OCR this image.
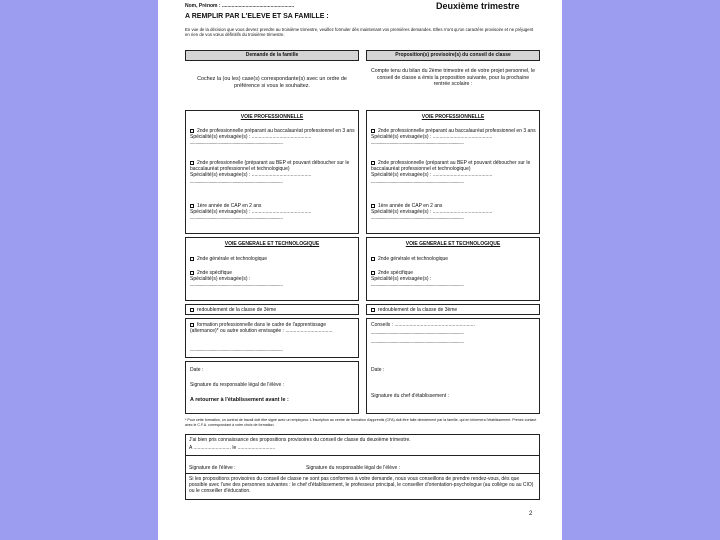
Nom, Prénom : ....................................................	Deuxième trimestre
A REMPLIR PAR L'ELEVE ET SA FAMILLE :
En vue de la décision que vous devrez prendre au troisième trimestre, veuillez formuler dès maintenant vos premières demandes. Elles n'ont qu'un caractère provisoire et ne préjugent en rien de vos vœux définitifs du troisième trimestre.
Demande de la famille	Proposition(s) provisoire(s) du conseil de classe
Cochez la (ou les) case(s) correspondante(s) avec un ordre de préférence si vous le souhaitez.
Compte tenu du bilan du 2ème trimestre et de votre projet personnel, le conseil de classe a émis la proposition suivante, pour la prochaine rentrée scolaire :
VOIE PROFESSIONNELLE
2nde professionnelle préparant au baccalauréat professionnel en 3 ans
Spécialité(s) envisagée(s) : ...........................................
.....................................................................................
2nde professionnelle (préparant au BEP et pouvant déboucher sur le baccalauréat professionnel et technologique)
Spécialité(s) envisagée(s) : ...........................................
.....................................................................................
1ère année de CAP en 2 ans
Spécialité(s) envisagée(s) : ...........................................
.....................................................................................
VOIE PROFESSIONNELLE
2nde professionnelle préparant au baccalauréat professionnel en 3 ans
Spécialité(s) envisagée(s) : ...........................................
.....................................................................................
2nde professionnelle (préparant au BEP et pouvant déboucher sur le baccalauréat professionnel et technologique)
Spécialité(s) envisagée(s) : ...........................................
.....................................................................................
1ère année de CAP en 2 ans
Spécialité(s) envisagée(s) : ...........................................
.....................................................................................
VOIE GENERALE ET TECHNOLOGIQUE
2nde générale et technologique
2nde spécifique
Spécialité(s) envisagée(s) :
.....................................................................................
VOIE GENERALE ET TECHNOLOGIQUE
2nde générale et technologique
2nde spécifique
Spécialité(s) envisagée(s) :
.....................................................................................
redoublement de la classe de 3ème	redoublement de la classe de 3ème
formation professionnelle dans le cadre de l'apprentissage (alternance)* ou autre solution envisagée : ..................................
.....................................................................................
Conseils : ..........................................................
.....................................................................................
.....................................................................................
Date :
Signature du chef d'établissement :
Date :
Signature du responsable légal de l'élève :
A retourner à l'établissement avant le :
* Pour cette formation, un contrat de travail doit être signé avec un employeur. L'inscription au centre de formation d'apprentis (CFA) doit être faite directement par la famille, qui en informera l'établissement. Prenez contact avec le C.F.A. correspondant à votre choix de formation.
J'ai bien pris connaissance des propositions provisoires du conseil de classe du deuxième trimestre.
A ........................... le ...........................
Signature de l'élève :	Signature du responsable légal de l'élève :
Si les propositions provisoires du conseil de classe ne sont pas conformes à votre demande, nous vous conseillons de prendre rendez-vous, dès que possible avec l'une des personnes suivantes : le chef d'établissement, le professeur principal, le conseiller d'orientation-psychologue (au collège ou au CIO) ou le conseiller d'éducation.
2
